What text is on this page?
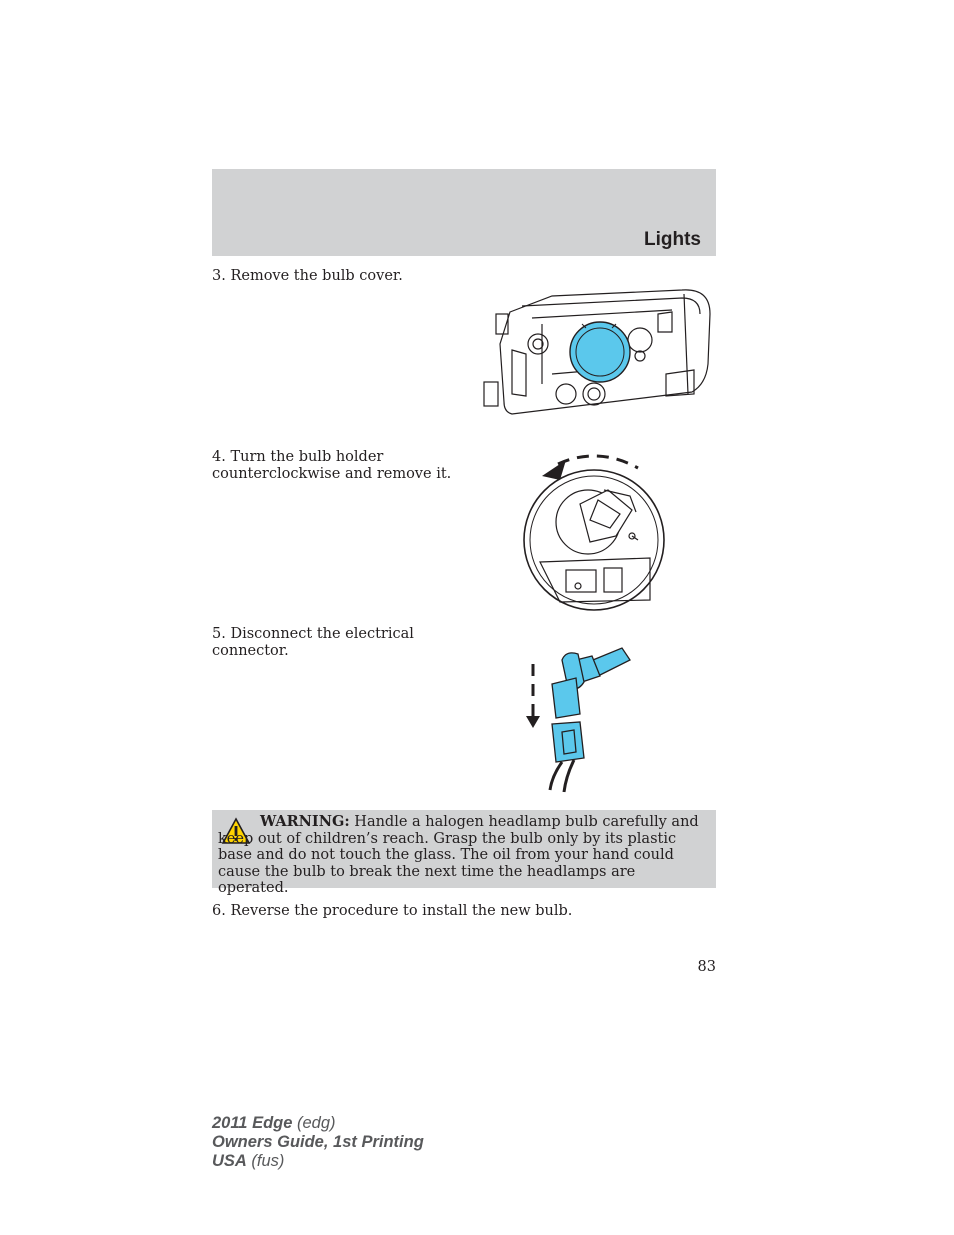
Lights
3. Remove the bulb cover.
4. Turn the bulb holder counterclockwise and remove it.
5. Disconnect the electrical connector.
6. Reverse the procedure to install the new bulb.
WARNING: Handle a halogen headlamp bulb carefully and keep out of children’s reach. Grasp the bulb only by its plastic base and do not touch the glass. The oil from your hand could cause the bulb to break the next time the headlamps are operated.
83
2011 Edge (edg)
Owners Guide, 1st Printing
USA (fus)
